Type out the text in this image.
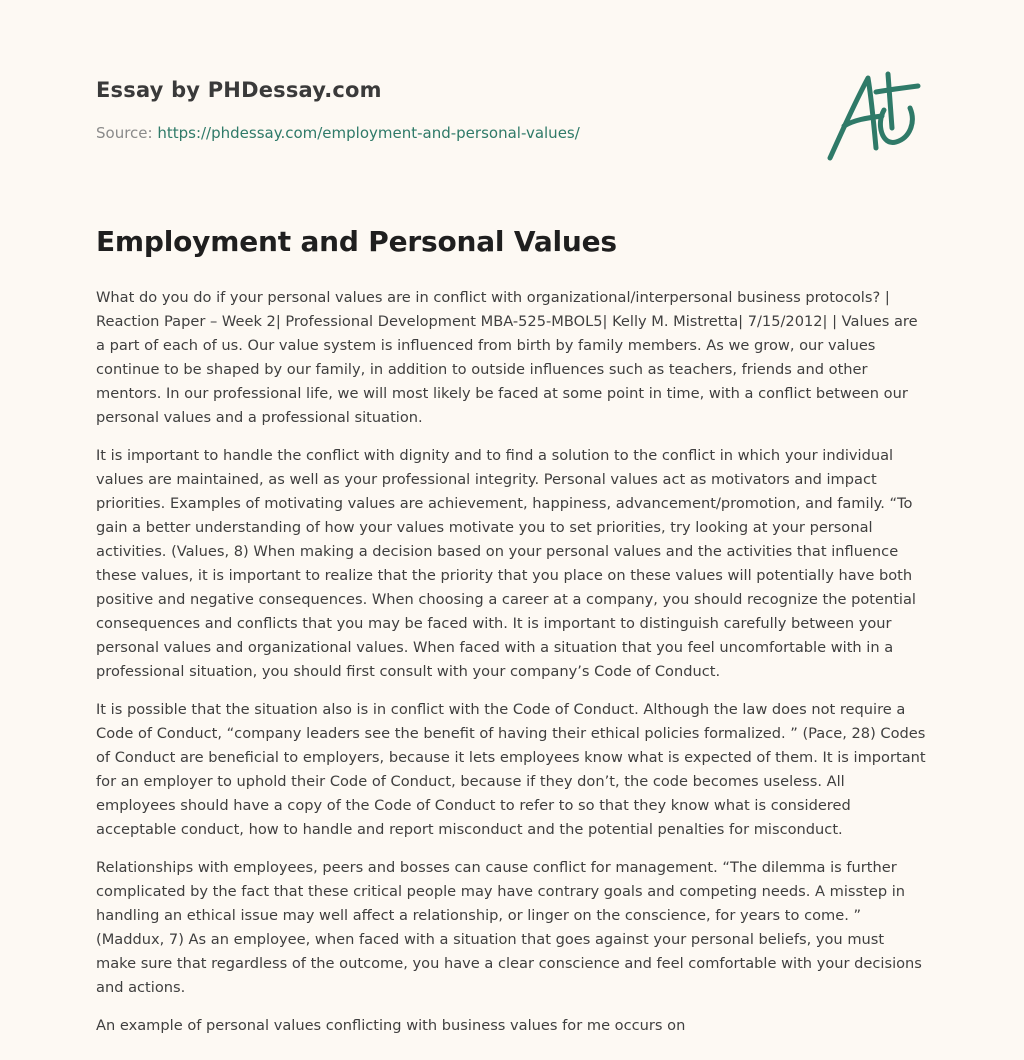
Essay by PHDessay.com
Source: https://phdessay.com/employment-and-personal-values/
Employment and Personal Values

What do you do if your personal values are in conflict with organizational/interpersonal business protocols? | Reaction Paper – Week 2| Professional Development MBA-525-MBOL5| Kelly M. Mistretta| 7/15/2012| | Values are a part of each of us. Our value system is influenced from birth by family members. As we grow, our values continue to be shaped by our family, in addition to outside influences such as teachers, friends and other mentors. In our professional life, we will most likely be faced at some point in time, with a conflict between our personal values and a professional situation.

It is important to handle the conflict with dignity and to find a solution to the conflict in which your individual values are maintained, as well as your professional integrity. Personal values act as motivators and impact priorities. Examples of motivating values are achievement, happiness, advancement/promotion, and family. “To gain a better understanding of how your values motivate you to set priorities, try looking at your personal activities. (Values, 8) When making a decision based on your personal values and the activities that influence these values, it is important to realize that the priority that you place on these values will potentially have both positive and negative consequences. When choosing a career at a company, you should recognize the potential consequences and conflicts that you may be faced with. It is important to distinguish carefully between your personal values and organizational values. When faced with a situation that you feel uncomfortable with in a professional situation, you should first consult with your company’s Code of Conduct.

It is possible that the situation also is in conflict with the Code of Conduct. Although the law does not require a Code of Conduct, “company leaders see the benefit of having their ethical policies formalized. ” (Pace, 28) Codes of Conduct are beneficial to employers, because it lets employees know what is expected of them. It is important for an employer to uphold their Code of Conduct, because if they don’t, the code becomes useless. All employees should have a copy of the Code of Conduct to refer to so that they know what is considered acceptable conduct, how to handle and report misconduct and the potential penalties for misconduct.

Relationships with employees, peers and bosses can cause conflict for management. “The dilemma is further complicated by the fact that these critical people may have contrary goals and competing needs. A misstep in handling an ethical issue may well affect a relationship, or linger on the conscience, for years to come. ” (Maddux, 7) As an employee, when faced with a situation that goes against your personal beliefs, you must make sure that regardless of the outcome, you have a clear conscience and feel comfortable with your decisions and actions.

An example of personal values conflicting with business values for me occurs on
